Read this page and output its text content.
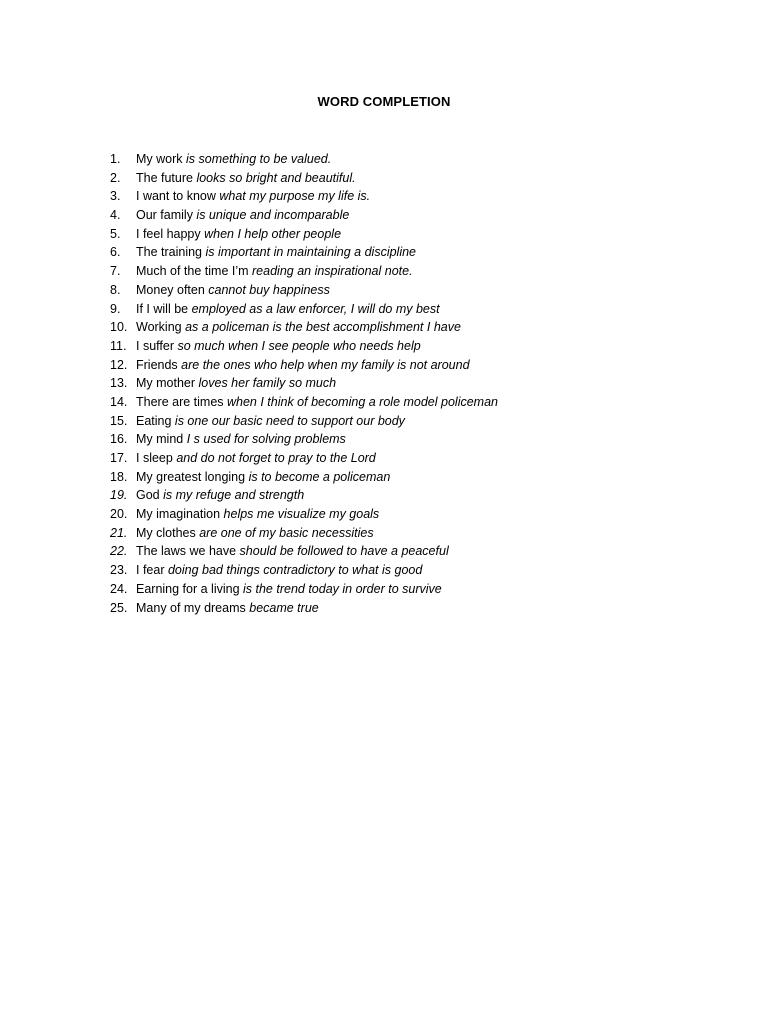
WORD COMPLETION
1.	My work is something to be valued.
2.	The future looks so bright and beautiful.
3.	I want to know what my purpose my life is.
4.	Our family is unique and incomparable
5.	I feel happy when I help other people
6.	The training is important in maintaining a discipline
7.	Much of the time I’m reading an inspirational note.
8.	Money often cannot buy happiness
9.	If I will be employed as a law enforcer, I will do my best
10. Working as a policeman is the best accomplishment I have
11. I suffer so much when I see people who needs help
12. Friends are the ones who help when my family is not around
13. My mother loves her family so much
14. There are times when I think of becoming a role model policeman
15. Eating is one our basic need to support our body
16. My mind I s used for solving problems
17. I sleep and do not forget to pray to the Lord
18. My greatest longing is to become a policeman
19. God is my refuge and strength
20. My imagination helps me visualize my goals
21. My clothes are one of my basic necessities
22. The laws we have should be followed to have a peaceful
23. I fear doing bad things contradictory to what is good
24. Earning for a living is the trend today in order to survive
25. Many of my dreams became true
